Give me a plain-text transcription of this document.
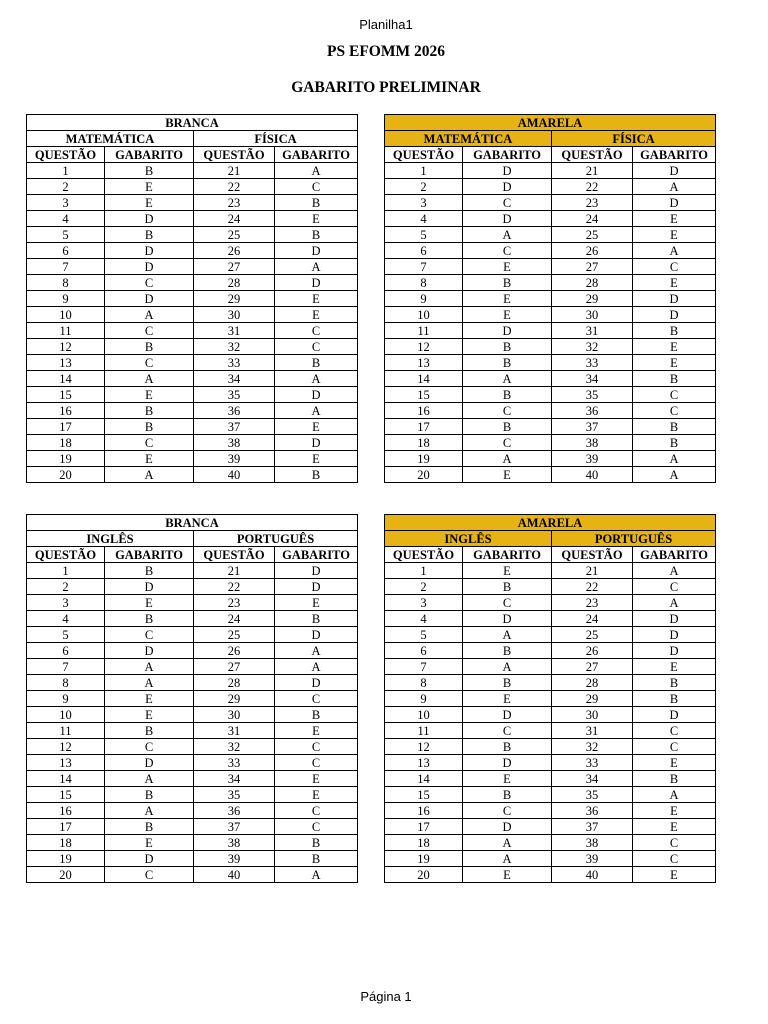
Planilha1
PS EFOMM 2026
GABARITO PRELIMINAR
BRANCA			
MATEMÁTICA		FÍSICA	
QUESTÃO	GABARITO	QUESTÃO	GABARITO
1	B	21	A
2	E	22	C
3	E	23	B
4	D	24	E
5	B	25	B
6	D	26	D
7	D	27	A
8	C	28	D
9	D	29	E
10	A	30	E
11	C	31	C
12	B	32	C
13	C	33	B
14	A	34	A
15	E	35	D
16	B	36	A
17	B	37	E
18	C	38	D
19	E	39	E
20	A	40	B
AMARELA			
MATEMÁTICA		FÍSICA	
QUESTÃO	GABARITO	QUESTÃO	GABARITO
1	D	21	D
2	D	22	A
3	C	23	D
4	D	24	E
5	A	25	E
6	C	26	A
7	E	27	C
8	B	28	E
9	E	29	D
10	E	30	D
11	D	31	B
12	B	32	E
13	B	33	E
14	A	34	B
15	B	35	C
16	C	36	C
17	B	37	B
18	C	38	B
19	A	39	A
20	E	40	A
BRANCA			
INGLÊS		PORTUGUÊS	
QUESTÃO	GABARITO	QUESTÃO	GABARITO
1	B	21	D
2	D	22	D
3	E	23	E
4	B	24	B
5	C	25	D
6	D	26	A
7	A	27	A
8	A	28	D
9	E	29	C
10	E	30	B
11	B	31	E
12	C	32	C
13	D	33	C
14	A	34	E
15	B	35	E
16	A	36	C
17	B	37	C
18	E	38	B
19	D	39	B
20	C	40	A
AMARELA			
INGLÊS		PORTUGUÊS	
QUESTÃO	GABARITO	QUESTÃO	GABARITO
1	E	21	A
2	B	22	C
3	C	23	A
4	D	24	D
5	A	25	D
6	B	26	D
7	A	27	E
8	B	28	B
9	E	29	B
10	D	30	D
11	C	31	C
12	B	32	C
13	D	33	E
14	E	34	B
15	B	35	A
16	C	36	E
17	D	37	E
18	A	38	C
19	A	39	C
20	E	40	E
Página 1
